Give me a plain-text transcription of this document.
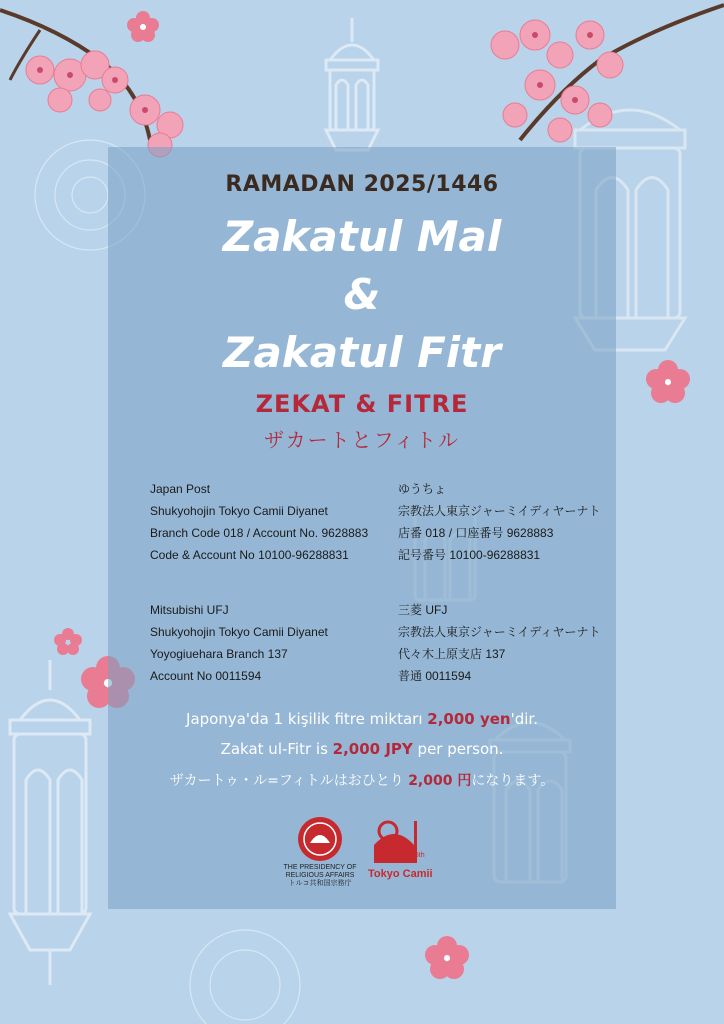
RAMADAN 2025/1446
Zakatul Mal
&
Zakatul Fitr
ZEKAT & FITRE
ザカートとフィトル
Japan Post
Shukyohojin Tokyo Camii Diyanet
Branch Code 018 / Account No. 9628883
Code & Account No 10100-96288831
ゆうちょ
宗教法人東京ジャーミイディヤーナト
店番 018 / 口座番号 9628883
記号番号 10100-96288831
Mitsubishi UFJ
Shukyohojin Tokyo Camii Diyanet
Yoyogiuehara Branch 137
Account No 0011594
三菱 UFJ
宗教法人東京ジャーミイディヤーナト
代々木上原支店 137
普通 0011594
Japonya'da 1 kişilik fitre miktarı 2,000 yen'dir.
Zakat ul-Fitr is 2,000 JPY per person.
ザカートゥ・ル=フィトルはおひとり 2,000 円になります。
THE PRESIDENCY OF
RELIGIOUS AFFAIRS
トルコ共和国宗務庁
Tokyo Camii
25th
